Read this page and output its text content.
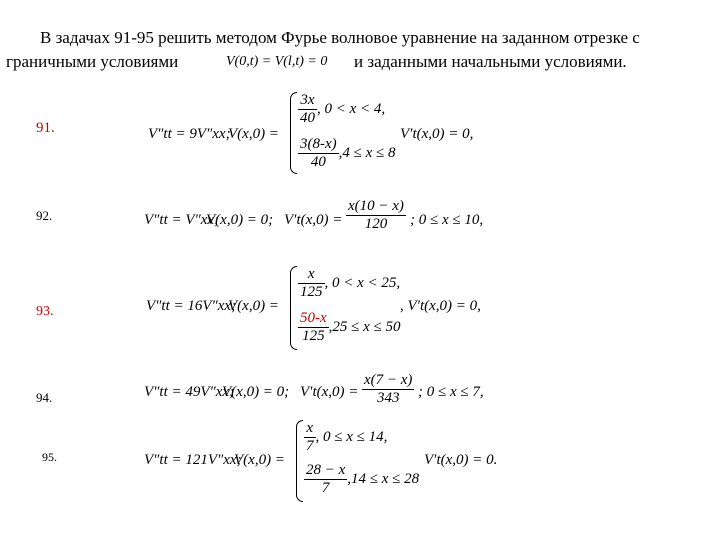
В задачах 91-95 решить методом Фурье волновое уравнение на заданном отрезке с
граничными условиями	V(0,t) = V(l,t) = 0 и заданными начальными условиями.
91.	V″tt = 9V″xx;
V(x,0) =
$\frac{3x}{40}$ , 0 < x < 4,
$\frac{3(8-x)}{40} ,4 \le x \le 8$
V′t(x,0) = 0,
92.	V″tt = V″xx;
V(x,0) = 0; $V't(x,0) = \frac{x(10 - x)}{120}$ ; 0 ≤ x ≤ 10,
93.	V″tt = 16V″xx;
V(x,0) =
$\frac{x}{125}$ , 0 < x < 25,
$\frac{50-x}{125} ,25 \le x \le 50$
, V′t(x,0) = 0,
94.	V″tt = 49V″xx;
V(x,0) = 0; $V't(x,0) = \frac{x(7 - x)}{343}$ ; 0 ≤ x ≤ 7,
95.	V″tt = 121V″xx;
V(x,0) =
$\frac{x}{7}$ , 0 ≤ x ≤ 14,
$\frac{28 - x}{7} ,14 \le x \le 28$
V′t(x,0) = 0.
